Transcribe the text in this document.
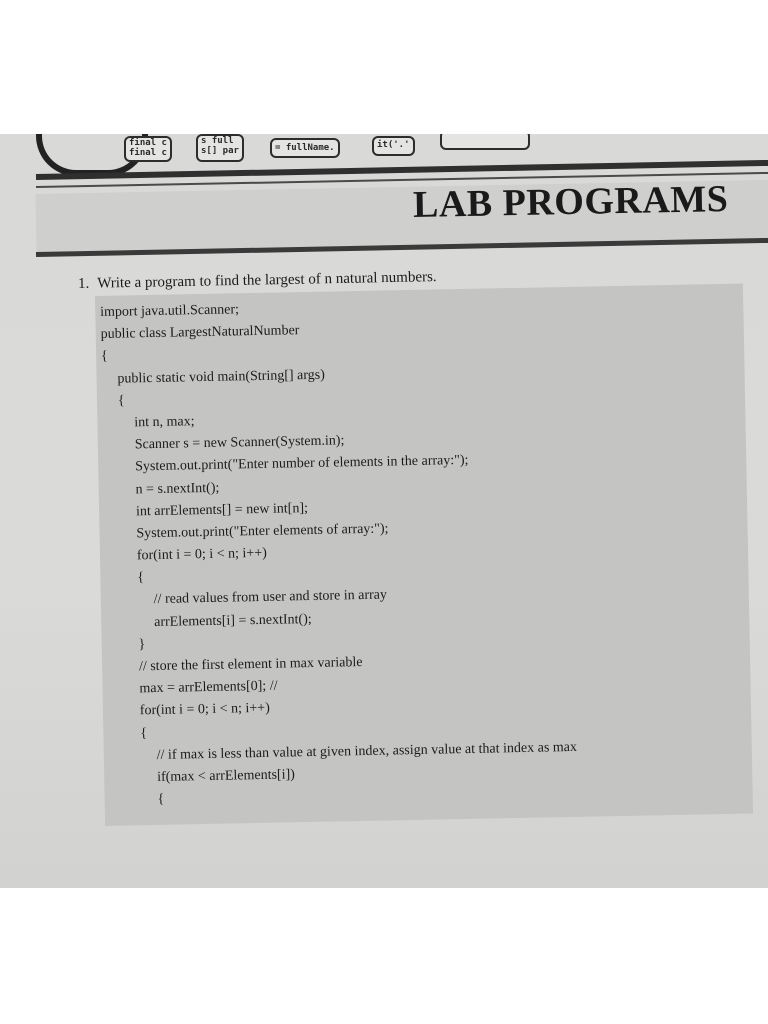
final c
final c
s full
s[] par	= fullName.	it('.'
LAB PROGRAMS

1. Write a program to find the largest of n natural numbers.

import java.util.Scanner;
public class LargestNaturalNumber
{
public static void main(String[] args)
{
int n, max;
Scanner s = new Scanner(System.in);
System.out.print("Enter number of elements in the array:");
n = s.nextInt();
int arrElements[] = new int[n];
System.out.print("Enter elements of array:");
for(int i = 0; i < n; i++)
{
// read values from user and store in array
arrElements[i] = s.nextInt();
}
// store the first element in max variable
max = arrElements[0]; //
for(int i = 0; i < n; i++)
{
// if max is less than value at given index, assign value at that index as max
if(max < arrElements[i])
{
